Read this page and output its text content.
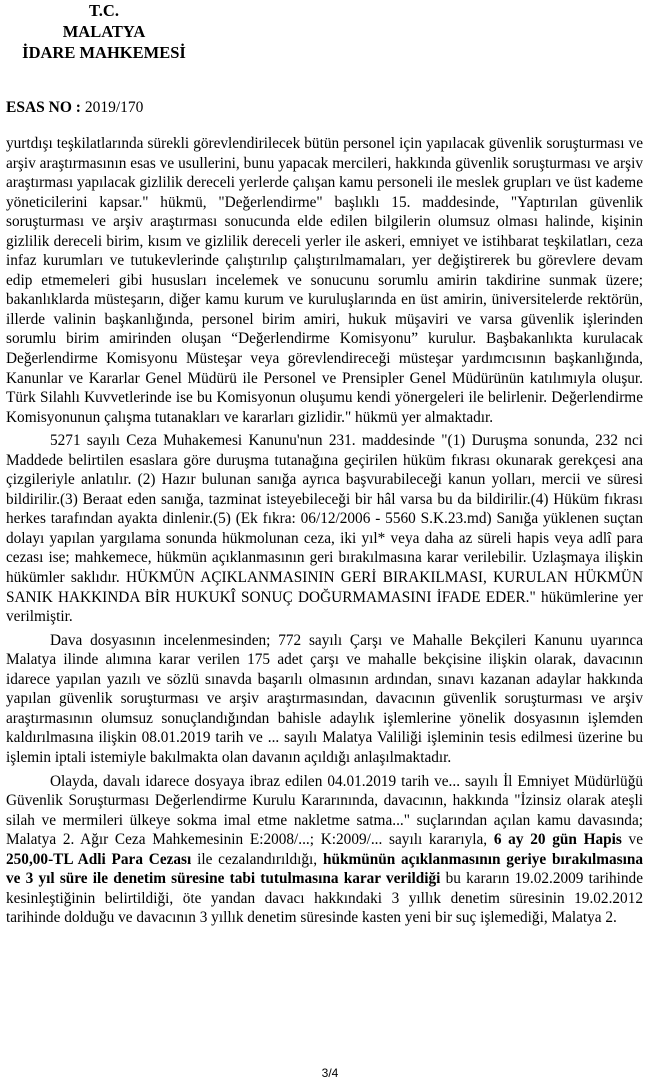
T.C.
MALATYA
İDARE MAHKEMESİ
ESAS NO : 2019/170

yurtdışı teşkilatlarında sürekli görevlendirilecek bütün personel için yapılacak güvenlik soruşturması ve arşiv araştırmasının esas ve usullerini, bunu yapacak mercileri, hakkında güvenlik soruşturması ve arşiv araştırması yapılacak gizlilik dereceli yerlerde çalışan kamu personeli ile meslek grupları ve üst kademe yöneticilerini kapsar." hükmü, "Değerlendirme" başlıklı 15. maddesinde, "Yaptırılan güvenlik soruşturması ve arşiv araştırması sonucunda elde edilen bilgilerin olumsuz olması halinde, kişinin gizlilik dereceli birim, kısım ve gizlilik dereceli yerler ile askeri, emniyet ve istihbarat teşkilatları, ceza infaz kurumları ve tutukevlerinde çalıştırılıp çalıştırılmamaları, yer değiştirerek bu görevlere devam edip etmemeleri gibi hususları incelemek ve sonucunu sorumlu amirin takdirine sunmak üzere; bakanlıklarda müsteşarın, diğer kamu kurum ve kuruluşlarında en üst amirin, üniversitelerde rektörün, illerde valinin başkanlığında, personel birim amiri, hukuk müşaviri ve varsa güvenlik işlerinden sorumlu birim amirinden oluşan “Değerlendirme Komisyonu” kurulur. Başbakanlıkta kurulacak Değerlendirme Komisyonu Müsteşar veya görevlendireceği müsteşar yardımcısının başkanlığında, Kanunlar ve Kararlar Genel Müdürü ile Personel ve Prensipler Genel Müdürünün katılımıyla oluşur. Türk Silahlı Kuvvetlerinde ise bu Komisyonun oluşumu kendi yönergeleri ile belirlenir. Değerlendirme Komisyonunun çalışma tutanakları ve kararları gizlidir." hükmü yer almaktadır.

5271 sayılı Ceza Muhakemesi Kanunu'nun 231. maddesinde "(1) Duruşma sonunda, 232 nci Maddede belirtilen esaslara göre duruşma tutanağına geçirilen hüküm fıkrası okunarak gerekçesi ana çizgileriyle anlatılır. (2) Hazır bulunan sanığa ayrıca başvurabileceği kanun yolları, mercii ve süresi bildirilir.(3) Beraat eden sanığa, tazminat isteyebileceği bir hâl varsa bu da bildirilir.(4) Hüküm fıkrası herkes tarafından ayakta dinlenir.(5) (Ek fıkra: 06/12/2006 - 5560 S.K.23.md) Sanığa yüklenen suçtan dolayı yapılan yargılama sonunda hükmolunan ceza, iki yıl* veya daha az süreli hapis veya adlî para cezası ise; mahkemece, hükmün açıklanmasının geri bırakılmasına karar verilebilir. Uzlaşmaya ilişkin hükümler saklıdır. HÜKMÜN AÇIKLANMASININ GERİ BIRAKILMASI, KURULAN HÜKMÜN SANIK HAKKINDA BİR HUKUKÎ SONUÇ DOĞURMAMASINI İFADE EDER." hükümlerine yer verilmiştir.

Dava dosyasının incelenmesinden; 772 sayılı Çarşı ve Mahalle Bekçileri Kanunu uyarınca Malatya ilinde alımına karar verilen 175 adet çarşı ve mahalle bekçisine ilişkin olarak, davacının idarece yapılan yazılı ve sözlü sınavda başarılı olmasının ardından, sınavı kazanan adaylar hakkında yapılan güvenlik soruşturması ve arşiv araştırmasından, davacının güvenlik soruşturması ve arşiv araştırmasının olumsuz sonuçlandığından bahisle adaylık işlemlerine yönelik dosyasının işlemden kaldırılmasına ilişkin 08.01.2019 tarih ve ... sayılı Malatya Valiliği işleminin tesis edilmesi üzerine bu işlemin iptali istemiyle bakılmakta olan davanın açıldığı anlaşılmaktadır.

Olayda, davalı idarece dosyaya ibraz edilen 04.01.2019 tarih ve... sayılı İl Emniyet Müdürlüğü Güvenlik Soruşturması Değerlendirme Kurulu Kararınında, davacının, hakkında "İzinsiz olarak ateşli silah ve mermileri ülkeye sokma imal etme nakletme satma..." suçlarından açılan kamu davasında; Malatya 2. Ağır Ceza Mahkemesinin E:2008/...; K:2009/... sayılı kararıyla, 6 ay 20 gün Hapis ve 250,00-TL Adli Para Cezası ile cezalandırıldığı, hükmünün açıklanmasının geriye bırakılmasına ve 3 yıl süre ile denetim süresine tabi tutulmasına karar verildiği bu kararın 19.02.2009 tarihinde kesinleştiğinin belirtildiği, öte yandan davacı hakkındaki 3 yıllık denetim süresinin 19.02.2012 tarihinde dolduğu ve davacının 3 yıllık denetim süresinde kasten yeni bir suç işlemediği, Malatya 2.

3/4
